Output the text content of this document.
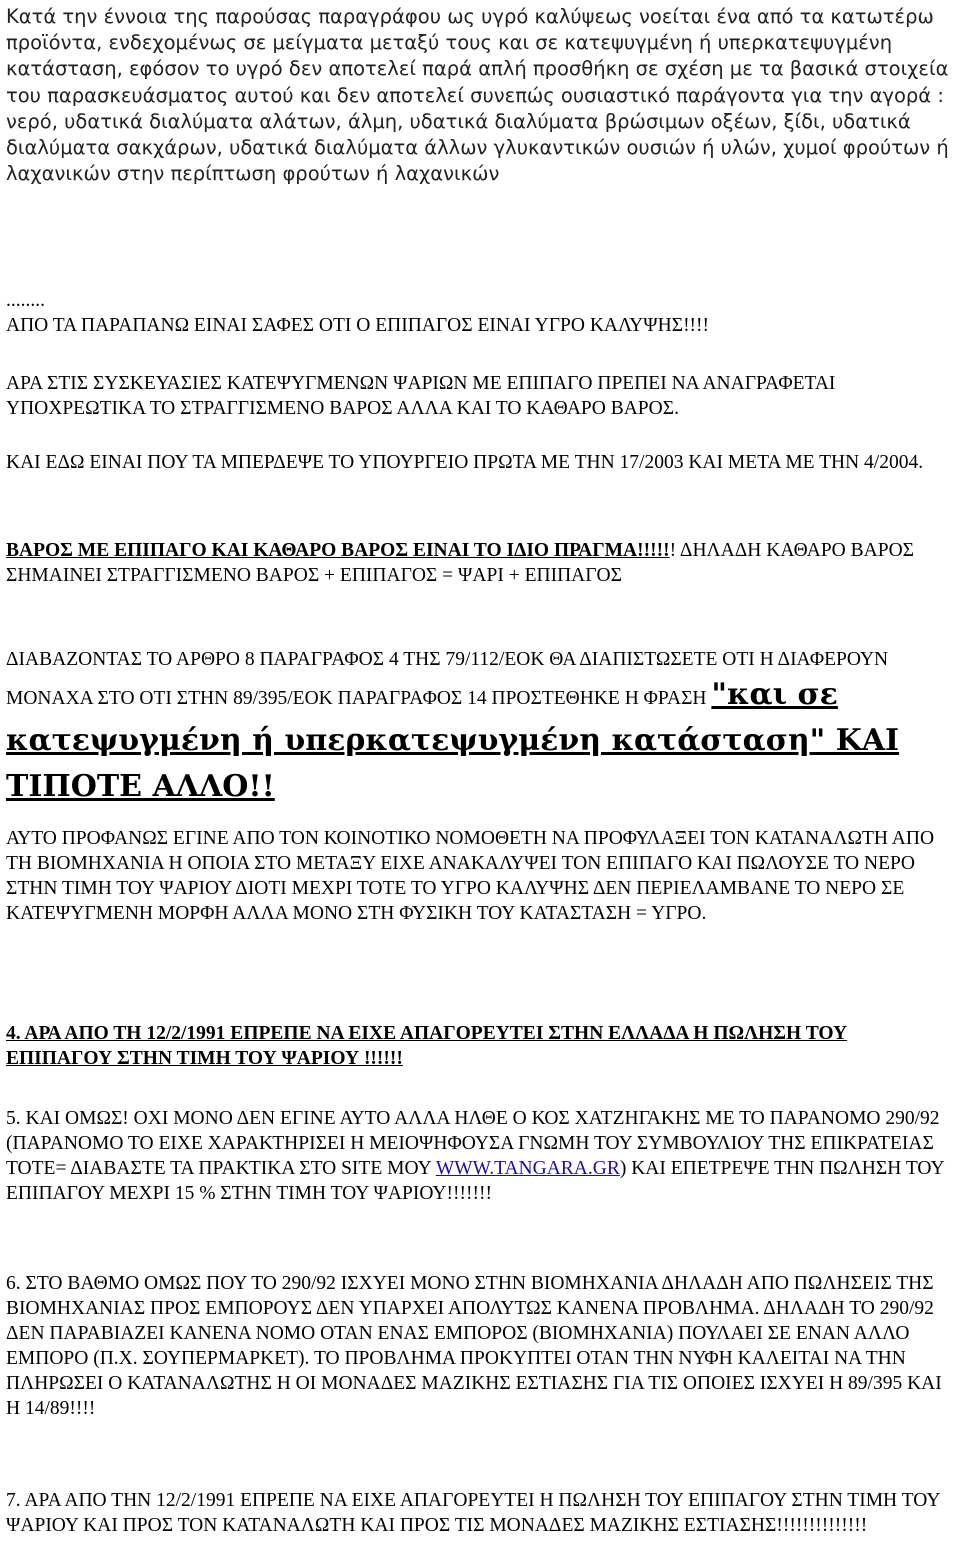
Κατά την έννοια της παρούσας παραγράφου ως υγρό καλύψεως νοείται ένα από τα κατωτέρω προϊόντα, ενδεχομένως σε μείγματα μεταξύ τους και σε κατεψυγμένη ή υπερκατεψυγμένη κατάσταση, εφόσον το υγρό δεν αποτελεί παρά απλή προσθήκη σε σχέση με τα βασικά στοιχεία του παρασκευάσματος αυτού και δεν αποτελεί συνεπώς ουσιαστικό παράγοντα για την αγορά : νερό, υδατικά διαλύματα αλάτων, άλμη, υδατικά διαλύματα βρώσιμων οξέων, ξίδι, υδατικά διαλύματα σακχάρων, υδατικά διαλύματα άλλων γλυκαντικών ουσιών ή υλών, χυμοί φρούτων ή λαχανικών στην περίπτωση φρούτων ή λαχανικών

........

ΑΠΟ ΤΑ ΠΑΡΑΠΑΝΩ ΕΙΝΑΙ ΣΑΦΕΣ ΟΤΙ Ο ΕΠΙΠΑΓΟΣ ΕΙΝΑΙ ΥΓΡΟ ΚΑΛΥΨΗΣ!!!!

ΑΡΑ ΣΤΙΣ ΣΥΣΚΕΥΑΣΙΕΣ ΚΑΤΕΨΥΓΜΕΝΩΝ ΨΑΡΙΩΝ ΜΕ ΕΠΙΠΑΓΟ ΠΡΕΠΕΙ ΝΑ ΑΝΑΓΡΑΦΕΤΑΙ ΥΠΟΧΡΕΩΤΙΚΑ ΤΟ ΣΤΡΑΓΓΙΣΜΕΝΟ ΒΑΡΟΣ ΑΛΛΑ ΚΑΙ ΤΟ ΚΑΘΑΡΟ ΒΑΡΟΣ.

ΚΑΙ ΕΔΩ ΕΙΝΑΙ ΠΟΥ ΤΑ ΜΠΕΡΔΕΨΕ ΤΟ ΥΠΟΥΡΓΕΙΟ ΠΡΩΤΑ ΜΕ ΤΗΝ 17/2003 ΚΑΙ ΜΕΤΑ ΜΕ ΤΗΝ 4/2004.

ΒΑΡΟΣ ΜΕ ΕΠΙΠΑΓΟ ΚΑΙ ΚΑΘΑΡΟ ΒΑΡΟΣ ΕΙΝΑΙ ΤΟ ΙΔΙΟ ΠΡΑΓΜΑ!!!!!! ΔΗΛΑΔΗ ΚΑΘΑΡΟ ΒΑΡΟΣ ΣΗΜΑΙΝΕΙ ΣΤΡΑΓΓΙΣΜΕΝΟ ΒΑΡΟΣ + ΕΠΙΠΑΓΟΣ = ΨΑΡΙ + ΕΠΙΠΑΓΟΣ

ΔΙΑΒΑΖΟΝΤΑΣ ΤΟ ΑΡΘΡΟ 8 ΠΑΡΑΓΡΑΦΟΣ 4 ΤΗΣ 79/112/ΕΟΚ ΘΑ ΔΙΑΠΙΣΤΩΣΕΤΕ ΟΤΙ Η ΔΙΑΦΕΡΟΥΝ ΜΟΝΑΧΑ ΣΤΟ ΟΤΙ ΣΤΗΝ 89/395/ΕΟΚ ΠΑΡΑΓΡΑΦΟΣ 14 ΠΡΟΣΤΕΘΗΚΕ Η ΦΡΑΣΗ "και σε κατεψυγμένη ή υπερκατεψυγμένη κατάσταση" ΚΑΙ ΤΙΠΟΤΕ ΑΛΛΟ!!

ΑΥΤΟ ΠΡΟΦΑΝΩΣ ΕΓΙΝΕ ΑΠΟ ΤΟΝ ΚΟΙΝΟΤΙΚΟ ΝΟΜΟΘΕΤΗ ΝΑ ΠΡΟΦΥΛΑΞΕΙ ΤΟΝ ΚΑΤΑΝΑΛΩΤΗ ΑΠΟ ΤΗ ΒΙΟΜΗΧΑΝΙΑ Η ΟΠΟΙΑ ΣΤΟ ΜΕΤΑΞΥ ΕΙΧΕ ΑΝΑΚΑΛΥΨΕΙ ΤΟΝ ΕΠΙΠΑΓΟ ΚΑΙ ΠΩΛΟΥΣΕ ΤΟ ΝΕΡΟ ΣΤΗΝ ΤΙΜΗ ΤΟΥ ΨΑΡΙΟΥ ΔΙΟΤΙ ΜΕΧΡΙ ΤΟΤΕ ΤΟ ΥΓΡΟ ΚΑΛΥΨΗΣ ΔΕΝ ΠΕΡΙΕΛΑΜΒΑΝΕ ΤΟ ΝΕΡΟ ΣΕ ΚΑΤΕΨΥΓΜΕΝΗ ΜΟΡΦΗ ΑΛΛΑ ΜΟΝΟ ΣΤΗ ΦΥΣΙΚΗ ΤΟΥ ΚΑΤΑΣΤΑΣΗ = ΥΓΡΟ.

4. ΑΡΑ ΑΠΟ ΤΗ 12/2/1991 ΕΠΡΕΠΕ ΝΑ ΕΙΧΕ ΑΠΑΓΟΡΕΥΤΕΙ ΣΤΗΝ ΕΛΛΑΔΑ Η ΠΩΛΗΣΗ ΤΟΥ ΕΠΙΠΑΓΟΥ ΣΤΗΝ ΤΙΜΗ ΤΟΥ ΨΑΡΙΟΥ !!!!!!

5. ΚΑΙ ΟΜΩΣ! ΟΧΙ ΜΟΝΟ ΔΕΝ ΕΓΙΝΕ ΑΥΤΟ ΑΛΛΑ ΗΛΘΕ Ο ΚΟΣ ΧΑΤΖΗΓΑΚΗΣ ΜΕ ΤΟ ΠΑΡΑΝΟΜΟ 290/92 (ΠΑΡΑΝΟΜΟ ΤΟ ΕΙΧΕ ΧΑΡΑΚΤΗΡΙΣΕΙ Η ΜΕΙΟΨΗΦΟΥΣΑ ΓΝΩΜΗ ΤΟΥ ΣΥΜΒΟΥΛΙΟΥ ΤΗΣ ΕΠΙΚΡΑΤΕΙΑΣ ΤΟΤΕ= ΔΙΑΒΑΣΤΕ ΤΑ ΠΡΑΚΤΙΚΑ ΣΤΟ SITE ΜΟΥ WWW.TANGARA.GR) ΚΑΙ ΕΠΕΤΡΕΨΕ ΤΗΝ ΠΩΛΗΣΗ ΤΟΥ ΕΠΙΠΑΓΟΥ ΜΕΧΡΙ 15 % ΣΤΗΝ ΤΙΜΗ ΤΟΥ ΨΑΡΙΟΥ!!!!!!!

6. ΣΤΟ ΒΑΘΜΟ ΟΜΩΣ ΠΟΥ ΤΟ 290/92 ΙΣΧΥΕΙ ΜΟΝΟ ΣΤΗΝ ΒΙΟΜΗΧΑΝΙΑ ΔΗΛΑΔΗ ΑΠΟ ΠΩΛΗΣΕΙΣ ΤΗΣ ΒΙΟΜΗΧΑΝΙΑΣ ΠΡΟΣ ΕΜΠΟΡΟΥΣ ΔΕΝ ΥΠΑΡΧΕΙ ΑΠΟΛΥΤΩΣ ΚΑΝΕΝΑ ΠΡΟΒΛΗΜΑ. ΔΗΛΑΔΗ ΤΟ 290/92 ΔΕΝ ΠΑΡΑΒΙΑΖΕΙ ΚΑΝΕΝΑ ΝΟΜΟ ΟΤΑΝ ΕΝΑΣ ΕΜΠΟΡΟΣ (ΒΙΟΜΗΧΑΝΙΑ) ΠΟΥΛΑΕΙ ΣΕ ΕΝΑΝ ΑΛΛΟ ΕΜΠΟΡΟ (Π.Χ. ΣΟΥΠΕΡΜΑΡΚΕΤ). ΤΟ ΠΡΟΒΛΗΜΑ ΠΡΟΚΥΠΤΕΙ ΟΤΑΝ ΤΗΝ ΝΥΦΗ ΚΑΛΕΙΤΑΙ ΝΑ ΤΗΝ ΠΛΗΡΩΣΕΙ Ο ΚΑΤΑΝΑΛΩΤΗΣ Η ΟΙ ΜΟΝΑΔΕΣ ΜΑΖΙΚΗΣ ΕΣΤΙΑΣΗΣ ΓΙΑ ΤΙΣ ΟΠΟΙΕΣ ΙΣΧΥΕΙ Η 89/395 ΚΑΙ Η 14/89!!!!

7. ΑΡΑ ΑΠΟ ΤΗΝ 12/2/1991 ΕΠΡΕΠΕ ΝΑ ΕΙΧΕ ΑΠΑΓΟΡΕΥΤΕΙ Η ΠΩΛΗΣΗ ΤΟΥ ΕΠΙΠΑΓΟΥ ΣΤΗΝ ΤΙΜΗ ΤΟΥ ΨΑΡΙΟΥ ΚΑΙ ΠΡΟΣ ΤΟΝ ΚΑΤΑΝΑΛΩΤΗ ΚΑΙ ΠΡΟΣ ΤΙΣ ΜΟΝΑΔΕΣ ΜΑΖΙΚΗΣ ΕΣΤΙΑΣΗΣ!!!!!!!!!!!!!!
